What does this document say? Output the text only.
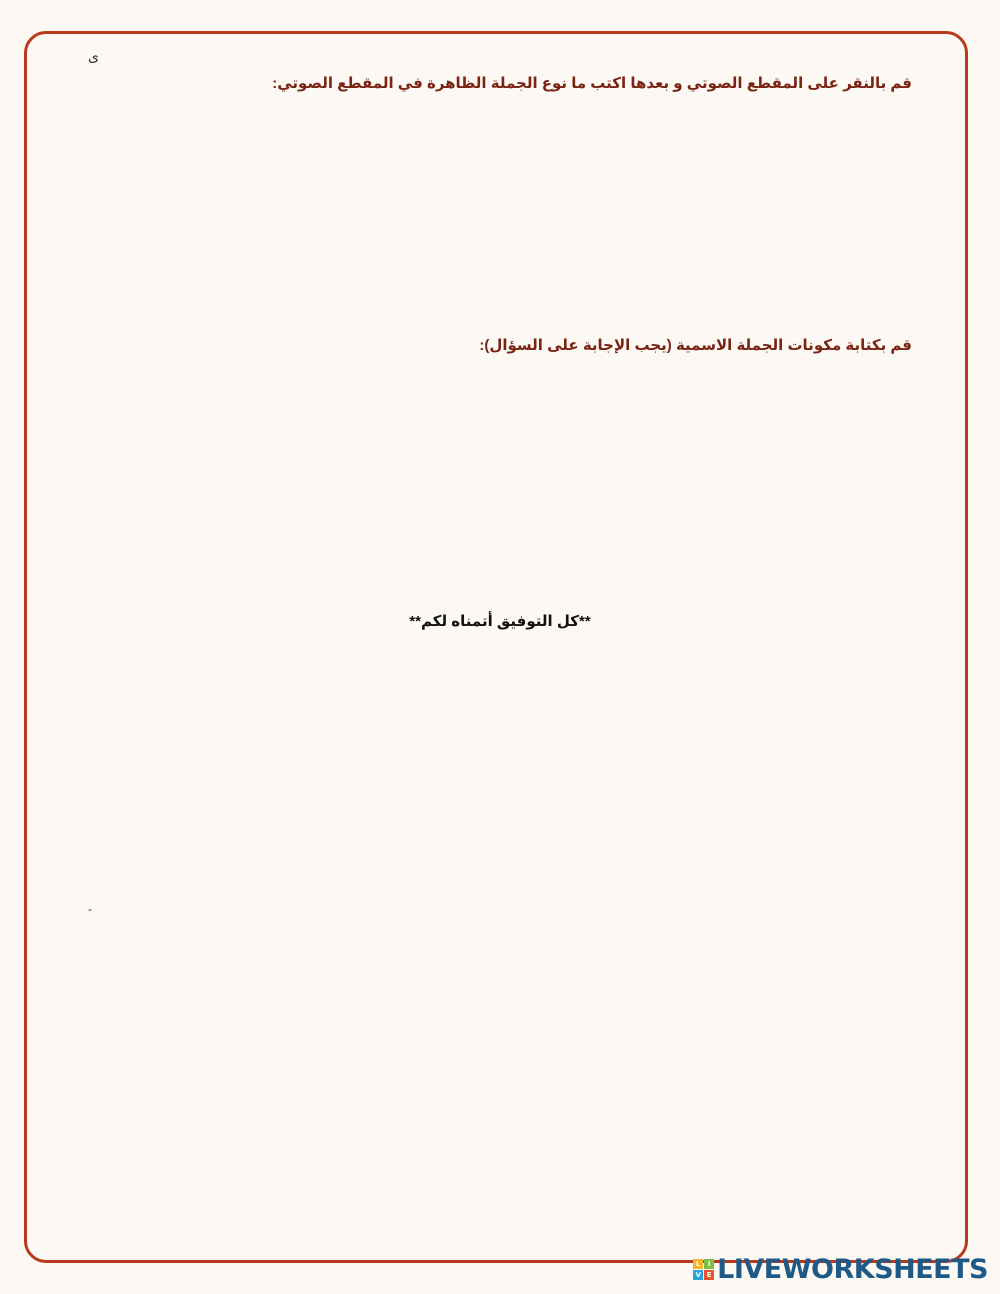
ى
قم بالنقر على المقطع الصوتي و بعدها اكتب ما نوع الجملة الظاهرة في المقطع الصوتي:
قم بكتابة مكونات الجملة الاسمية (يجب الإجابة على السؤال):
**كل التوفيق أتمناه لكم**
-
L	I
V E LIVEWORKSHEETS
